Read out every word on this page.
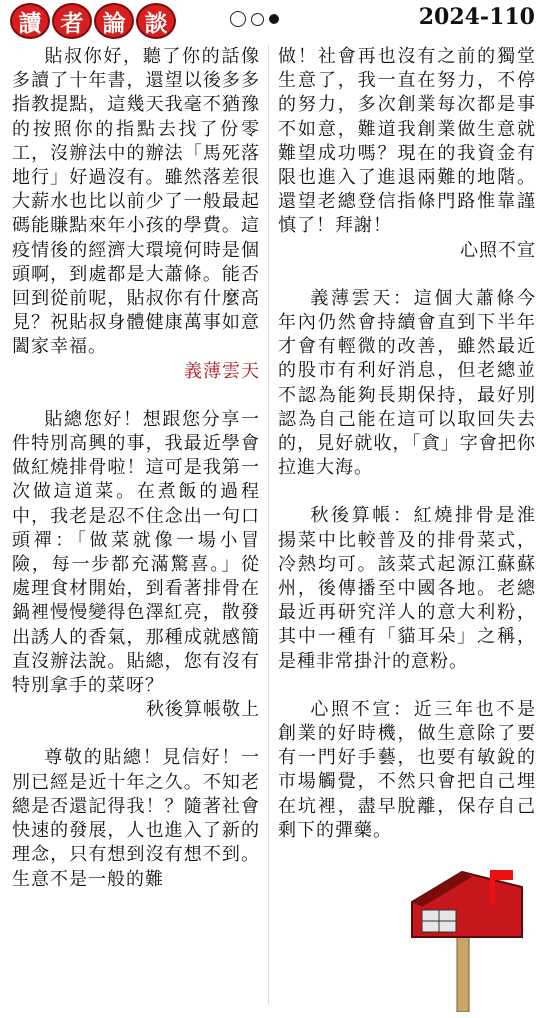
讀 者 論 談	2024-110

貼叔你好，聽了你的話像多讀了十年書，還望以後多多指教提點，這幾天我毫不猶豫的按照你的指點去找了份零工，沒辦法中的辦法「馬死落地行」好過沒有。雖然落差很大薪水也比以前少了一般最起碼能賺點來年小孩的學費。這疫情後的經濟大環境何時是個頭啊，到處都是大蕭條。能否回到從前呢，貼叔你有什麼高見？祝貼叔身體健康萬事如意闔家幸福。

義薄雲天

貼總您好！想跟您分享一件特別高興的事，我最近學會做紅燒排骨啦！這可是我第一次做這道菜。在煮飯的過程中，我老是忍不住念出一句口頭禪：「做菜就像一場小冒險，每一步都充滿驚喜。」從處理食材開始，到看著排骨在鍋裡慢慢變得色澤紅亮，散發出誘人的香氣，那種成就感簡直沒辦法說。貼總，您有沒有特別拿手的菜呀？

秋後算帳敬上

尊敬的貼總！見信好！一別已經是近十年之久。不知老總是否還記得我！？隨著社會快速的發展，人也進入了新的理念，只有想到沒有想不到。生意不是一般的難

做！社會再也沒有之前的獨堂生意了，我一直在努力，不停的努力，多次創業每次都是事不如意，難道我創業做生意就難望成功嗎？現在的我資金有限也進入了進退兩難的地階。還望老總登信指條門路惟靠謹慎了！拜謝！

心照不宣

義薄雲天：這個大蕭條今年內仍然會持續會直到下半年才會有輕微的改善，雖然最近的股市有利好消息，但老總並不認為能夠長期保持，最好別認為自己能在這可以取回失去的，見好就收，「貪」字會把你拉進大海。

秋後算帳：紅燒排骨是淮揚菜中比較普及的排骨菜式，冷熱均可。該菜式起源江蘇蘇州，後傳播至中國各地。老總最近再研究洋人的意大利粉，其中一種有「貓耳朵」之稱，是種非常掛汁的意粉。

心照不宣：近三年也不是創業的好時機，做生意除了要有一門好手藝，也要有敏銳的市場觸覺，不然只會把自己埋在坑裡，盡早脫離，保存自己剩下的彈藥。
